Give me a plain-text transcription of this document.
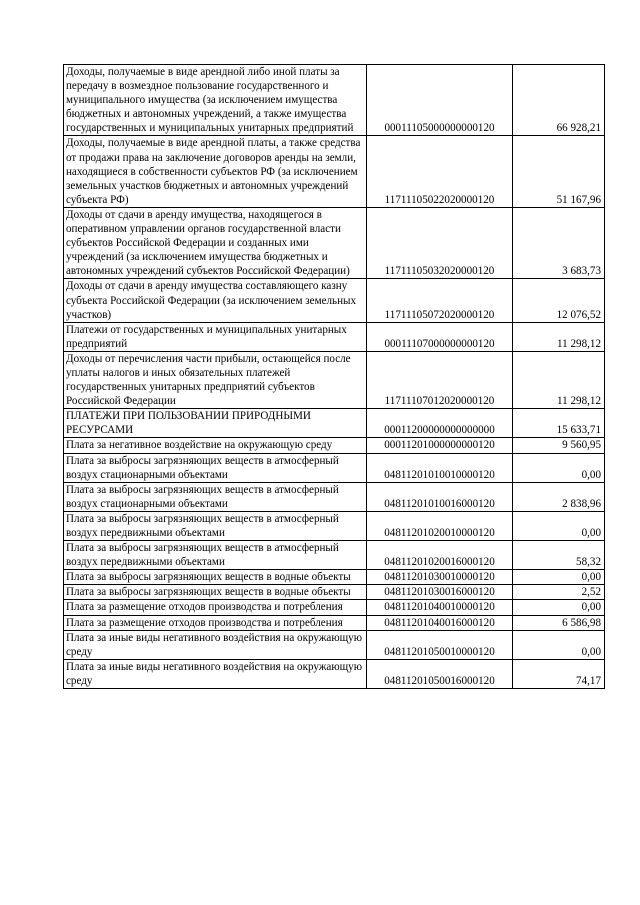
Доходы, получаемые в виде арендной либо иной платы за передачу в возмездное пользование государственного и муниципального имущества (за исключением имущества бюджетных и автономных учреждений, а также имущества государственных и муниципальных унитарных предприятий	00011105000000000120	66 928,21
Доходы, получаемые в виде арендной платы, а также средства от продажи права на заключение договоров аренды на земли, находящиеся в собственности субъектов РФ (за исключением земельных участков бюджетных и автономных учреждений субъекта РФ)	11711105022020000120	51 167,96
Доходы от сдачи в аренду имущества, находящегося в оперативном управлении органов государственной власти субъектов Российской Федерации и созданных ими учреждений (за исключением имущества бюджетных и автономных учреждений субъектов Российской Федерации)	11711105032020000120	3 683,73
Доходы от сдачи в аренду имущества составляющего казну субъекта Российской Федерации (за исключением земельных участков)	11711105072020000120	12 076,52
Платежи от государственных и муниципальных унитарных предприятий	00011107000000000120	11 298,12
Доходы от перечисления части прибыли, остающейся после уплаты налогов и иных обязательных платежей государственных унитарных предприятий субъектов Российской Федерации	11711107012020000120	11 298,12
ПЛАТЕЖИ ПРИ ПОЛЬЗОВАНИИ ПРИРОДНЫМИ РЕСУРСАМИ	00011200000000000000	15 633,71
Плата за негативное воздействие на окружающую среду	00011201000000000120	9 560,95
Плата за выбросы загрязняющих веществ в атмосферный воздух стационарными объектами	04811201010010000120	0,00
Плата за выбросы загрязняющих веществ в атмосферный воздух стационарными объектами	04811201010016000120	2 838,96
Плата за выбросы загрязняющих веществ в атмосферный воздух передвижными объектами	04811201020010000120	0,00
Плата за выбросы загрязняющих веществ в атмосферный воздух передвижными объектами	04811201020016000120	58,32
Плата за выбросы загрязняющих веществ в водные объекты	04811201030010000120	0,00
Плата за выбросы загрязняющих веществ в водные объекты	04811201030016000120	2,52
Плата за размещение отходов производства и потребления	04811201040010000120	0,00
Плата за размещение отходов производства и потребления	04811201040016000120	6 586,98
Плата за иные виды негативного воздействия на окружающую среду	04811201050010000120	0,00
Плата за иные виды негативного воздействия на окружающую среду	04811201050016000120	74,17
